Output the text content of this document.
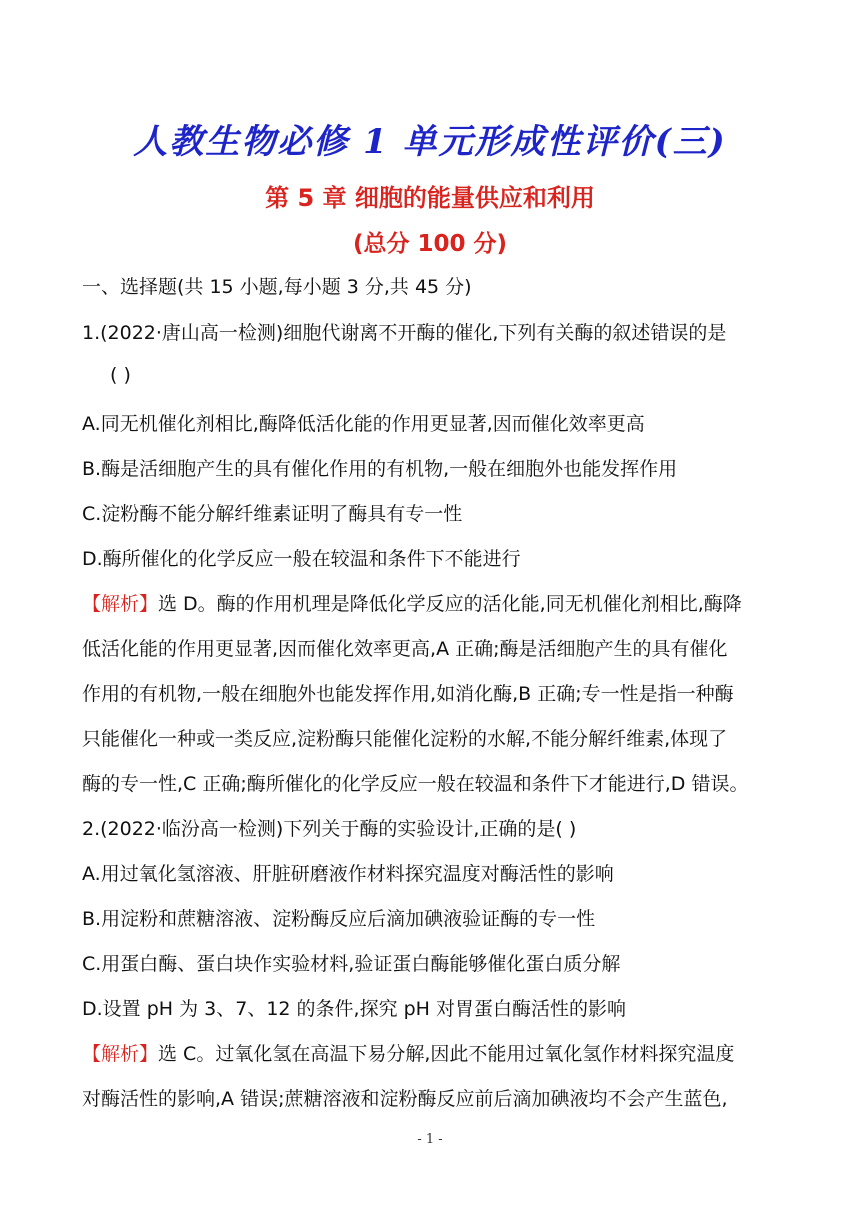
人教生物必修 1 单元形成性评价(三)
第 5 章 细胞的能量供应和利用
(总分 100 分)
一、选择题(共 15 小题,每小题 3 分,共 45 分)
1.(2022·唐山高一检测)细胞代谢离不开酶的催化,下列有关酶的叙述错误的是
( )
A.同无机催化剂相比,酶降低活化能的作用更显著,因而催化效率更高
B.酶是活细胞产生的具有催化作用的有机物,一般在细胞外也能发挥作用
C.淀粉酶不能分解纤维素证明了酶具有专一性
D.酶所催化的化学反应一般在较温和条件下不能进行
【解析】选 D。酶的作用机理是降低化学反应的活化能,同无机催化剂相比,酶降
低活化能的作用更显著,因而催化效率更高,A 正确;酶是活细胞产生的具有催化
作用的有机物,一般在细胞外也能发挥作用,如消化酶,B 正确;专一性是指一种酶
只能催化一种或一类反应,淀粉酶只能催化淀粉的水解,不能分解纤维素,体现了
酶的专一性,C 正确;酶所催化的化学反应一般在较温和条件下才能进行,D 错误。
2.(2022·临汾高一检测)下列关于酶的实验设计,正确的是( )
A.用过氧化氢溶液、肝脏研磨液作材料探究温度对酶活性的影响
B.用淀粉和蔗糖溶液、淀粉酶反应后滴加碘液验证酶的专一性
C.用蛋白酶、蛋白块作实验材料,验证蛋白酶能够催化蛋白质分解
D.设置 pH 为 3、7、12 的条件,探究 pH 对胃蛋白酶活性的影响
【解析】选 C。过氧化氢在高温下易分解,因此不能用过氧化氢作材料探究温度
对酶活性的影响,A 错误;蔗糖溶液和淀粉酶反应前后滴加碘液均不会产生蓝色,
- 1 -
